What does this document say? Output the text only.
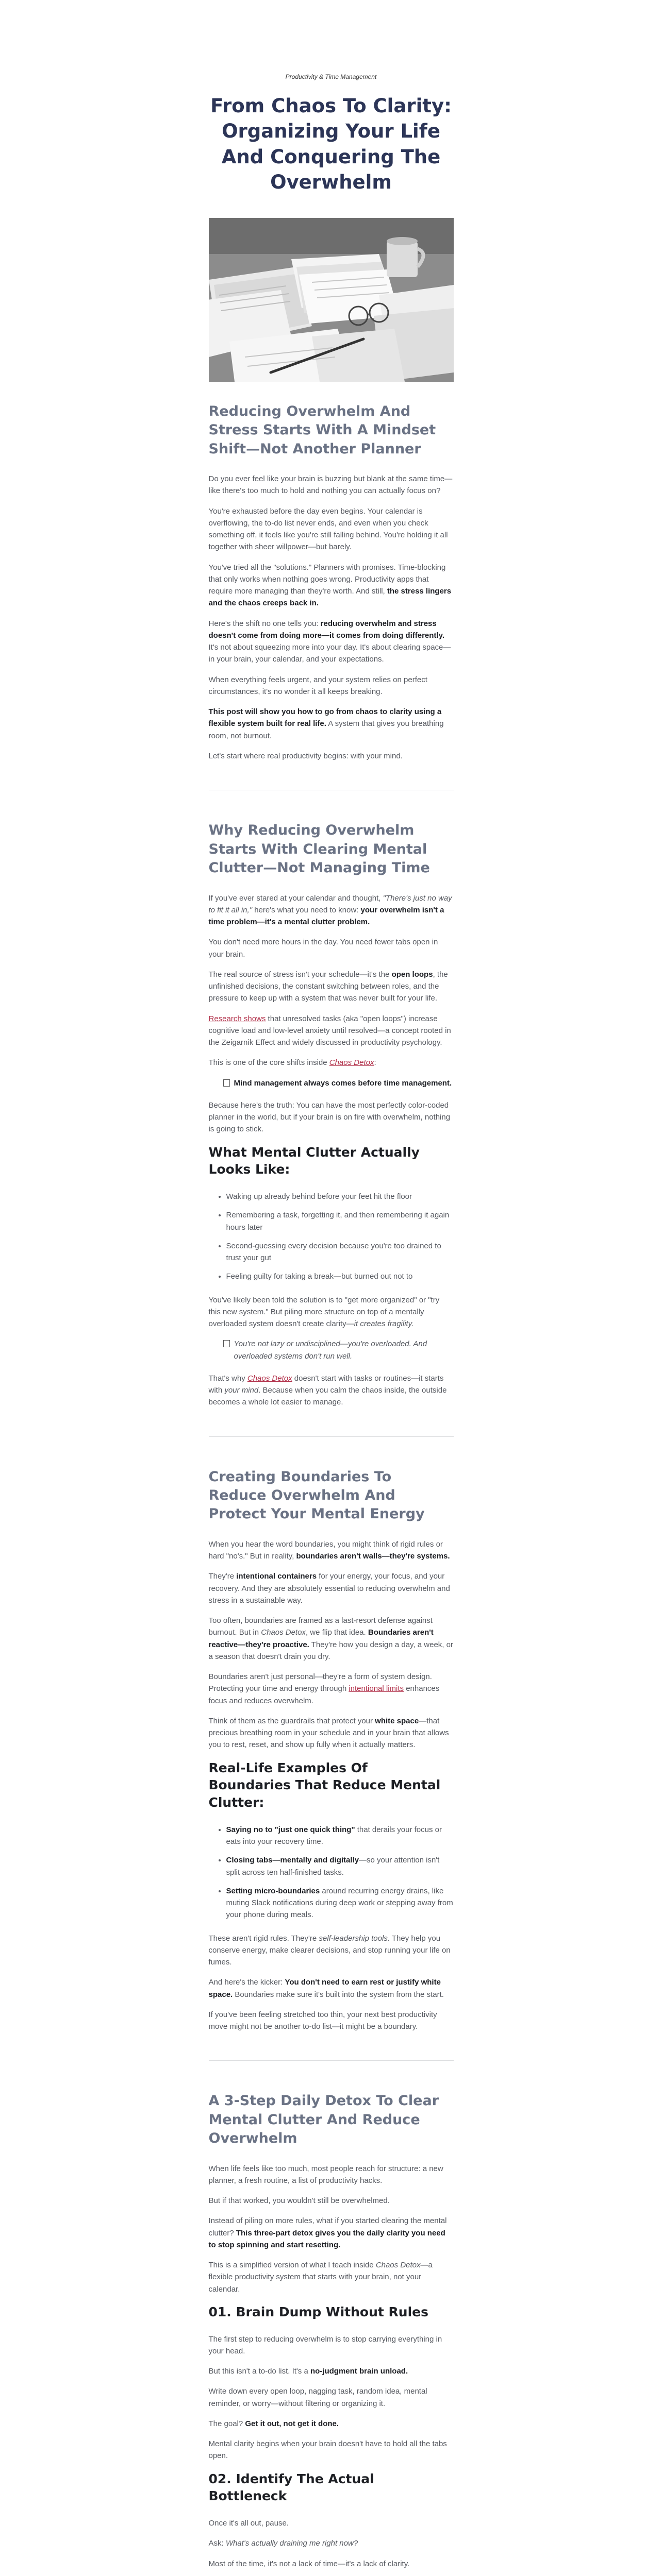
Productivity & Time Management
From Chaos To Clarity: Organizing Your Life And Conquering The Overwhelm
Reducing Overwhelm And Stress Starts With A Mindset Shift—Not Another Planner

Do you ever feel like your brain is buzzing but blank at the same time—like there's too much to hold and nothing you can actually focus on?

You're exhausted before the day even begins. Your calendar is overflowing, the to-do list never ends, and even when you check something off, it feels like you're still falling behind. You're holding it all together with sheer willpower—but barely.

You've tried all the "solutions." Planners with promises. Time-blocking that only works when nothing goes wrong. Productivity apps that require more managing than they're worth. And still, the stress lingers and the chaos creeps back in.

Here's the shift no one tells you: reducing overwhelm and stress doesn't come from doing more—it comes from doing differently. It's not about squeezing more into your day. It's about clearing space—in your brain, your calendar, and your expectations.

When everything feels urgent, and your system relies on perfect circumstances, it's no wonder it all keeps breaking.

This post will show you how to go from chaos to clarity using a flexible system built for real life. A system that gives you breathing room, not burnout.

Let's start where real productivity begins: with your mind.

Why Reducing Overwhelm Starts With Clearing Mental Clutter—Not Managing Time

If you've ever stared at your calendar and thought, "There's just no way to fit it all in," here's what you need to know: your overwhelm isn't a time problem—it's a mental clutter problem.

You don't need more hours in the day. You need fewer tabs open in your brain.

The real source of stress isn't your schedule—it's the open loops, the unfinished decisions, the constant switching between roles, and the pressure to keep up with a system that was never built for your life.

Research shows that unresolved tasks (aka "open loops") increase cognitive load and low-level anxiety until resolved—a concept rooted in the Zeigarnik Effect and widely discussed in productivity psychology.

This is one of the core shifts inside Chaos Detox:

Mind management always comes before time management.

Because here's the truth: You can have the most perfectly color-coded planner in the world, but if your brain is on fire with overwhelm, nothing is going to stick.

What Mental Clutter Actually Looks Like:
• Waking up already behind before your feet hit the floor
• Remembering a task, forgetting it, and then remembering it again hours later
• Second-guessing every decision because you're too drained to trust your gut
• Feeling guilty for taking a break—but burned out not to

You've likely been told the solution is to "get more organized" or "try this new system." But piling more structure on top of a mentally overloaded system doesn't create clarity—it creates fragility.

You're not lazy or undisciplined—you're overloaded. And overloaded systems don't run well.

That's why Chaos Detox doesn't start with tasks or routines—it starts with your mind. Because when you calm the chaos inside, the outside becomes a whole lot easier to manage.

Creating Boundaries To Reduce Overwhelm And Protect Your Mental Energy

When you hear the word boundaries, you might think of rigid rules or hard "no's." But in reality, boundaries aren't walls—they're systems.

They're intentional containers for your energy, your focus, and your recovery. And they are absolutely essential to reducing overwhelm and stress in a sustainable way.

Too often, boundaries are framed as a last-resort defense against burnout. But in Chaos Detox, we flip that idea. Boundaries aren't reactive—they're proactive. They're how you design a day, a week, or a season that doesn't drain you dry.

Boundaries aren't just personal—they're a form of system design. Protecting your time and energy through intentional limits enhances focus and reduces overwhelm.

Think of them as the guardrails that protect your white space—that precious breathing room in your schedule and in your brain that allows you to rest, reset, and show up fully when it actually matters.

Real-Life Examples Of Boundaries That Reduce Mental Clutter:
• Saying no to "just one quick thing" that derails your focus or eats into your recovery time.
• Closing tabs—mentally and digitally—so your attention isn't split across ten half-finished tasks.
• Setting micro-boundaries around recurring energy drains, like muting Slack notifications during deep work or stepping away from your phone during meals.

These aren't rigid rules. They're self-leadership tools. They help you conserve energy, make clearer decisions, and stop running your life on fumes.

And here's the kicker: You don't need to earn rest or justify white space. Boundaries make sure it's built into the system from the start.

If you've been feeling stretched too thin, your next best productivity move might not be another to-do list—it might be a boundary.

A 3-Step Daily Detox To Clear Mental Clutter And Reduce Overwhelm

When life feels like too much, most people reach for structure: a new planner, a fresh routine, a list of productivity hacks.

But if that worked, you wouldn't still be overwhelmed.

Instead of piling on more rules, what if you started clearing the mental clutter? This three-part detox gives you the daily clarity you need to stop spinning and start resetting.

This is a simplified version of what I teach inside Chaos Detox—a flexible productivity system that starts with your brain, not your calendar.

01. Brain Dump Without Rules

The first step to reducing overwhelm is to stop carrying everything in your head.

But this isn't a to-do list. It's a no-judgment brain unload.

Write down every open loop, nagging task, random idea, mental reminder, or worry—without filtering or organizing it.

The goal? Get it out, not get it done.

Mental clarity begins when your brain doesn't have to hold all the tabs open.

02. Identify The Actual Bottleneck

Once it's all out, pause.

Ask: What's actually draining me right now?

Most of the time, it's not a lack of time—it's a lack of clarity.
